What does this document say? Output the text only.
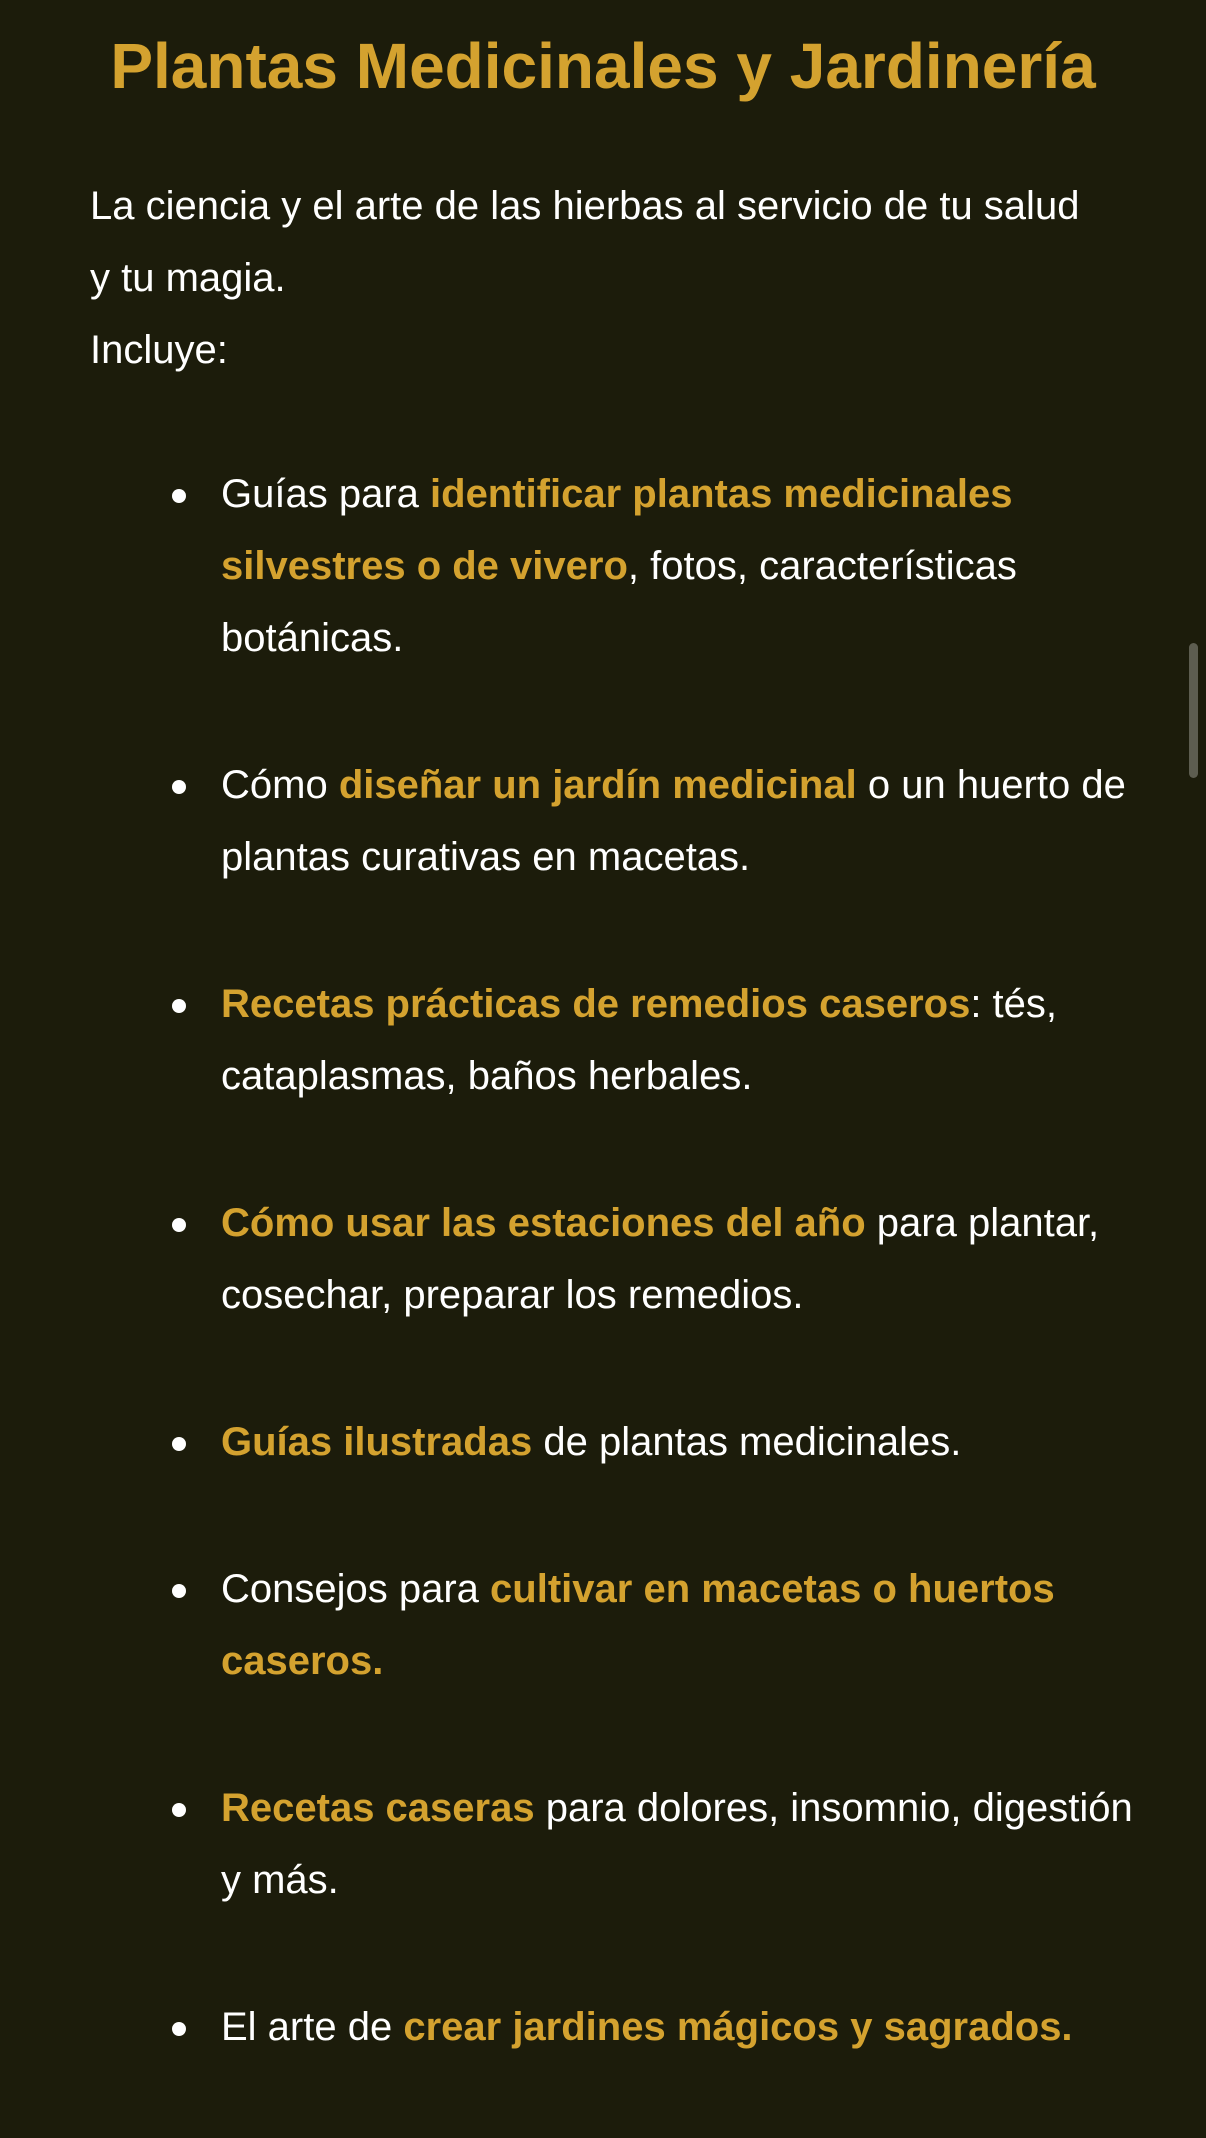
Plantas Medicinales y Jardinería

La ciencia y el arte de las hierbas al servicio de tu salud y tu magia.
Incluye:

Guías para identificar plantas medicinales silvestres o de vivero, fotos, características botánicas.
Cómo diseñar un jardín medicinal o un huerto de plantas curativas en macetas.
Recetas prácticas de remedios caseros: tés, cataplasmas, baños herbales.
Cómo usar las estaciones del año para plantar, cosechar, preparar los remedios.
Guías ilustradas de plantas medicinales.
Consejos para cultivar en macetas o huertos caseros.
Recetas caseras para dolores, insomnio, digestión y más.
El arte de crear jardines mágicos y sagrados.
